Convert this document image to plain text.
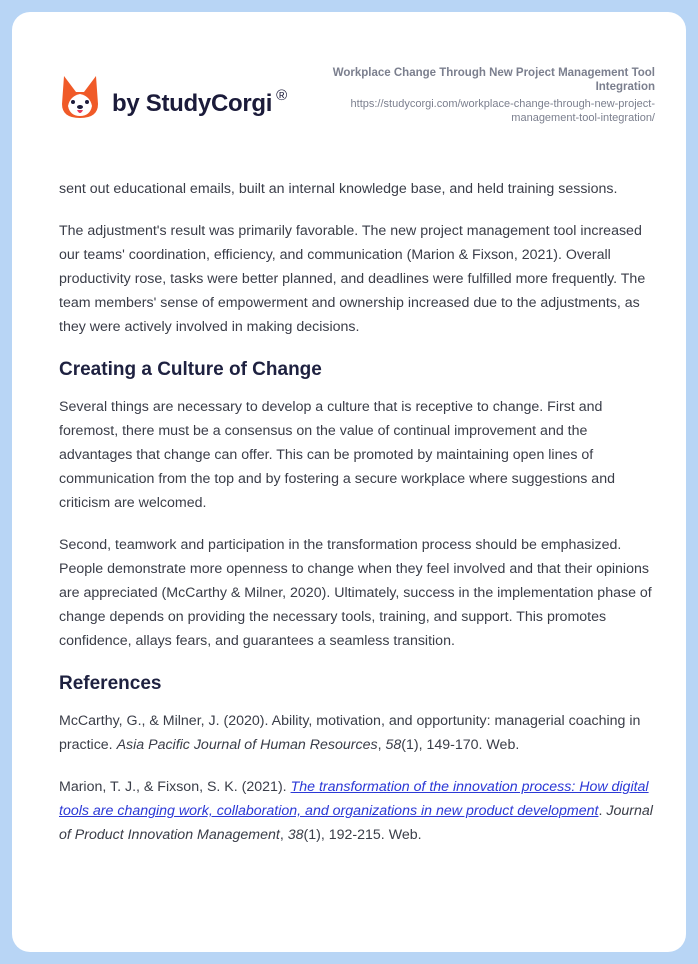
by StudyCorgi ®
Workplace Change Through New Project Management Tool Integration
https://studycorgi.com/workplace-change-through-new-project-management-tool-integration/

sent out educational emails, built an internal knowledge base, and held training sessions.

The adjustment's result was primarily favorable. The new project management tool increased our teams' coordination, efficiency, and communication (Marion & Fixson, 2021). Overall productivity rose, tasks were better planned, and deadlines were fulfilled more frequently. The team members' sense of empowerment and ownership increased due to the adjustments, as they were actively involved in making decisions.

Creating a Culture of Change

Several things are necessary to develop a culture that is receptive to change. First and foremost, there must be a consensus on the value of continual improvement and the advantages that change can offer. This can be promoted by maintaining open lines of communication from the top and by fostering a secure workplace where suggestions and criticism are welcomed.

Second, teamwork and participation in the transformation process should be emphasized. People demonstrate more openness to change when they feel involved and that their opinions are appreciated (McCarthy & Milner, 2020). Ultimately, success in the implementation phase of change depends on providing the necessary tools, training, and support. This promotes confidence, allays fears, and guarantees a seamless transition.

References

McCarthy, G., & Milner, J. (2020). Ability, motivation, and opportunity: managerial coaching in practice. Asia Pacific Journal of Human Resources, 58(1), 149-170. Web.

Marion, T. J., & Fixson, S. K. (2021). The transformation of the innovation process: How digital tools are changing work, collaboration, and organizations in new product development. Journal of Product Innovation Management, 38(1), 192-215. Web.
